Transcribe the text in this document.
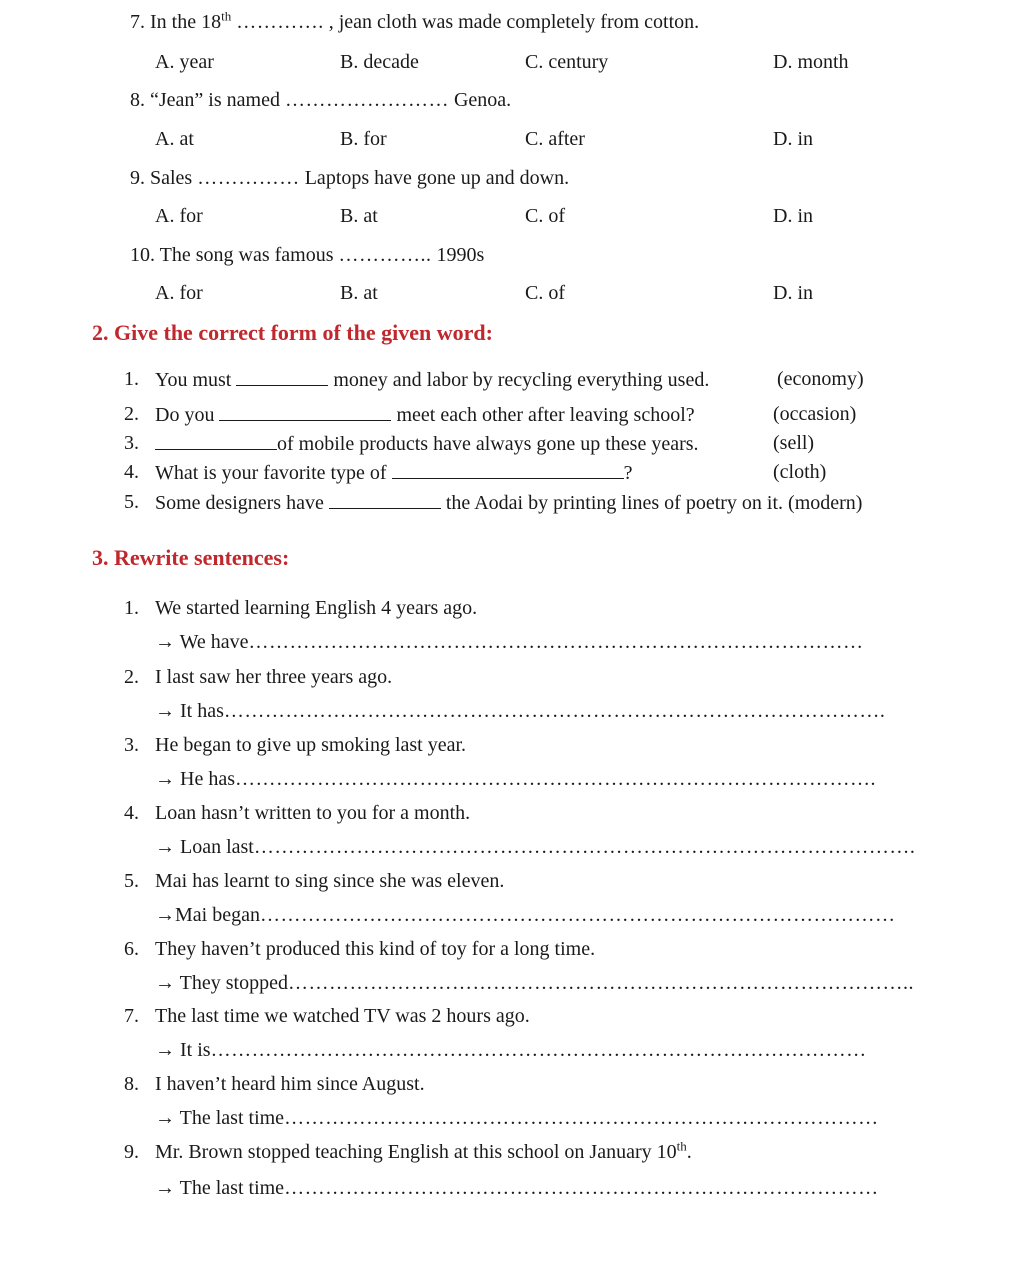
7. In the 18th …………. , jean cloth was made completely from cotton.
A. year	B. decade	C. century	D. month
8. “Jean” is named …………………… Genoa.
A. at	B. for	C. after	D. in
9. Sales …………… Laptops have gone up and down.
A. for	B. at	C. of	D. in
10. The song was famous ………….. 1990s
A. for	B. at	C. of	D. in
2. Give the correct form of the given word:
1. You must	money and labor by recycling everything used.	(economy)
2. Do you	meet each other after leaving school?	(occasion)
3.	of mobile products have always gone up these years.	(sell)
4. What is your favorite type of	?	(cloth)
5. Some designers have	the Aodai by printing lines of poetry on it. (modern)
3. Rewrite sentences:
1. We started learning English 4 years ago.
→ We have………………………………………………………………………………
2. I last saw her three years ago.
→ It has…………………………………………………………………………………….
3. He began to give up smoking last year.
→ He has………………………………………………………………………………….
4. Loan hasn’t written to you for a month.
→ Loan last…………………………………………………………………………………….
5. Mai has learnt to sing since she was eleven.
→Mai began…………………………………………………………………………………
6. They haven’t produced this kind of toy for a long time.
→ They stopped………………………………………………………………………………..
7. The last time we watched TV was 2 hours ago.
→ It is……………………………………………………………………………………
8. I haven’t heard him since August.
→ The last time……………………………………………………………………………
9. Mr. Brown stopped teaching English at this school on January 10th.
→ The last time……………………………………………………………………………
